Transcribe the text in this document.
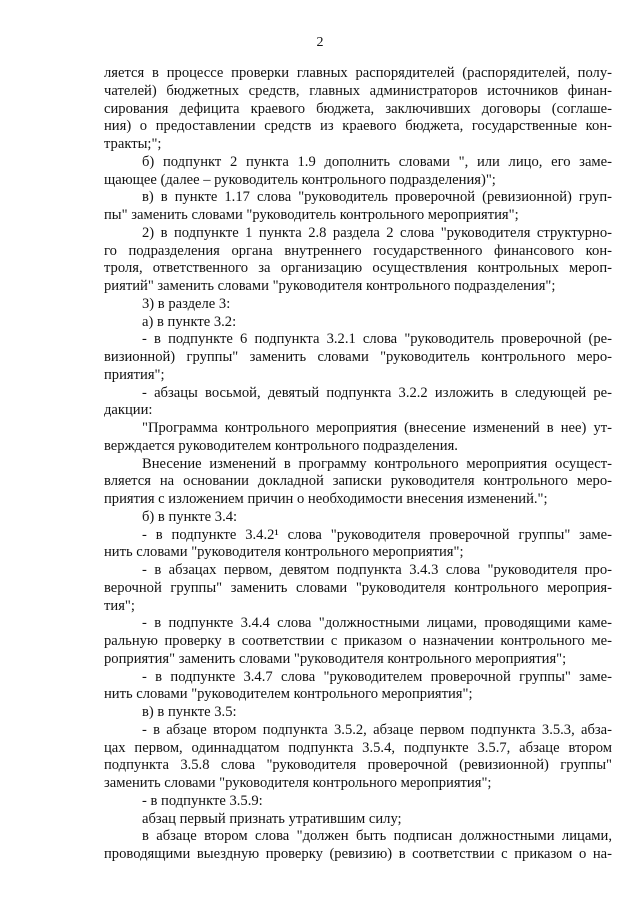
2
ляется в процессе проверки главных распорядителей (распорядителей, полу-
чателей) бюджетных средств, главных администраторов источников финан-
сирования дефицита краевого бюджета, заключивших договоры (соглаше-
ния) о предоставлении средств из краевого бюджета, государственные кон-
тракты;";
б) подпункт 2 пункта 1.9 дополнить словами ", или лицо, его заме-
щающее (далее – руководитель контрольного подразделения)";
в) в пункте 1.17 слова "руководитель проверочной (ревизионной) груп-
пы" заменить словами "руководитель контрольного мероприятия";
2) в подпункте 1 пункта 2.8 раздела 2 слова "руководителя структурно-
го подразделения органа внутреннего государственного финансового кон-
троля, ответственного за организацию осуществления контрольных мероп-
риятий" заменить словами "руководителя контрольного подразделения";
3) в разделе 3:
а) в пункте 3.2:
- в подпункте 6 подпункта 3.2.1 слова "руководитель проверочной (ре-
визионной) группы" заменить словами "руководитель контрольного меро-
приятия";
- абзацы восьмой, девятый подпункта 3.2.2 изложить в следующей ре-
дакции:
"Программа контрольного мероприятия (внесение изменений в нее) ут-
верждается руководителем контрольного подразделения.
Внесение изменений в программу контрольного мероприятия осущест-
вляется на основании докладной записки руководителя контрольного меро-
приятия с изложением причин о необходимости внесения изменений.";
б) в пункте 3.4:
- в подпункте 3.4.2¹ слова "руководителя проверочной группы" заме-
нить словами "руководителя контрольного мероприятия";
- в абзацах первом, девятом подпункта 3.4.3 слова "руководителя про-
верочной группы" заменить словами "руководителя контрольного мероприя-
тия";
- в подпункте 3.4.4 слова "должностными лицами, проводящими каме-
ральную проверку в соответствии с приказом о назначении контрольного ме-
роприятия" заменить словами "руководителя контрольного мероприятия";
- в подпункте 3.4.7 слова "руководителем проверочной группы" заме-
нить словами "руководителем контрольного мероприятия";
в) в пункте 3.5:
- в абзаце втором подпункта 3.5.2, абзаце первом подпункта 3.5.3, абза-
цах первом, одиннадцатом подпункта 3.5.4, подпункте 3.5.7, абзаце втором
подпункта 3.5.8 слова "руководителя проверочной (ревизионной) группы"
заменить словами "руководителя контрольного мероприятия";
- в подпункте 3.5.9:
абзац первый признать утратившим силу;
в абзаце втором слова "должен быть подписан должностными лицами,
проводящими выездную проверку (ревизию) в соответствии с приказом о на-
